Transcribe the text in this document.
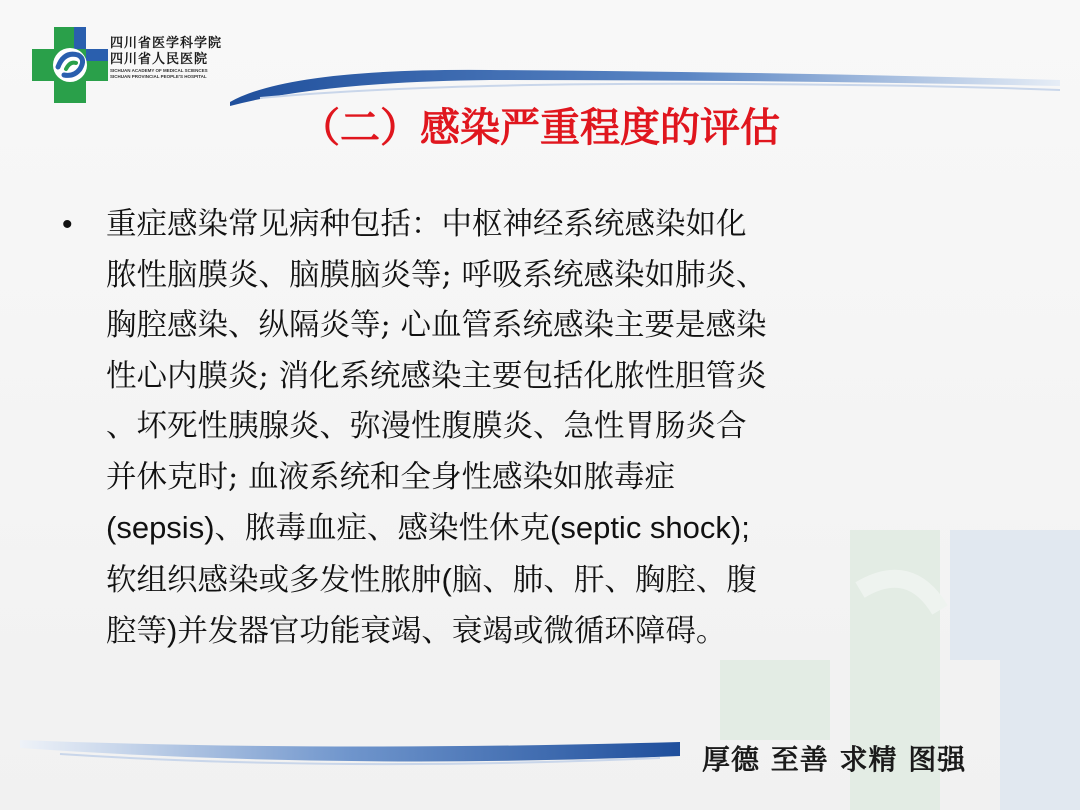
四川省医学科学院
四川省人民医院
SICHUAN ACADEMY OF MEDICAL SCIENCES
SICHUAN PROVINCIAL PEOPLE'S HOSPITAL
（二）感染严重程度的评估
• 重症感染常见病种包括：中枢神经系统感染如化
脓性脑膜炎、脑膜脑炎等; 呼吸系统感染如肺炎、
胸腔感染、纵隔炎等; 心血管系统感染主要是感染
性心内膜炎; 消化系统感染主要包括化脓性胆管炎
、坏死性胰腺炎、弥漫性腹膜炎、急性胃肠炎合
并休克时; 血液系统和全身性感染如脓毒症
(sepsis)、脓毒血症、感染性休克(septic shock);
软组织感染或多发性脓肿(脑、肺、肝、胸腔、腹
腔等)并发器官功能衰竭、衰竭或微循环障碍。

厚德 至善 求精 图强
